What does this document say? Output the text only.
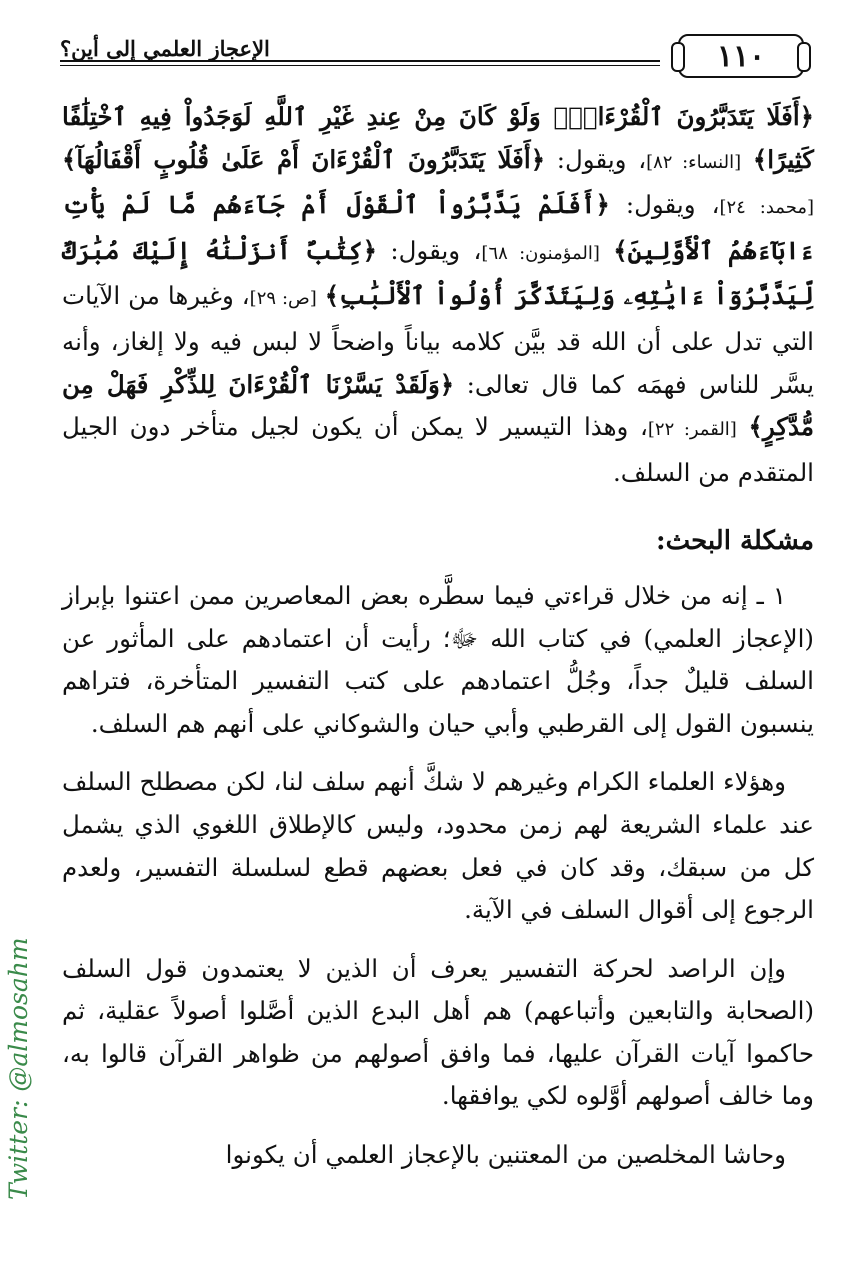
الإعجاز العلمي إلى أين؟	١١٠

﴿أَفَلَا يَتَدَبَّرُونَ ٱلْقُرْءَانَۚ وَلَوْ كَانَ مِنْ عِندِ غَيْرِ ٱللَّهِ لَوَجَدُواْ فِيهِ ٱخْتِلَٰفًا كَثِيرًا﴾ [النساء: ٨٢]، ويقول: ﴿أَفَلَا يَتَدَبَّرُونَ ٱلْقُرْءَانَ أَمْ عَلَىٰ قُلُوبٍ أَقْفَالُهَآ﴾ [محمد: ٢٤]، ويقول: ﴿أَفَلَمْ يَدَّبَّرُواْ ٱلْقَوْلَ أَمْ جَآءَهُم مَّا لَمْ يَأْتِ ءَابَآءَهُمُ ٱلْأَوَّلِينَ﴾ [المؤمنون: ٦٨]، ويقول: ﴿كِتَٰبٌ أَنزَلْنَٰهُ إِلَيْكَ مُبَٰرَكٌ لِّيَدَّبَّرُوٓاْ ءَايَٰتِهِۦ وَلِيَتَذَكَّرَ أُوْلُواْ ٱلْأَلْبَٰبِ﴾ [ص: ٢٩]، وغيرها من الآيات التي تدل على أن الله قد بيَّن كلامه بياناً واضحاً لا لبس فيه ولا إلغاز، وأنه يسَّر للناس فهمَه كما قال تعالى: ﴿وَلَقَدْ يَسَّرْنَا ٱلْقُرْءَانَ لِلذِّكْرِ فَهَلْ مِن مُّدَّكِرٍ﴾ [القمر: ٢٢]، وهذا التيسير لا يمكن أن يكون لجيل متأخر دون الجيل المتقدم من السلف.

مشكلة البحث:

١ ـ إنه من خلال قراءتي فيما سطَّره بعض المعاصرين ممن اعتنوا بإبراز (الإعجاز العلمي) في كتاب الله ﷻ؛ رأيت أن اعتمادهم على المأثور عن السلف قليلٌ جداً، وجُلُّ اعتمادهم على كتب التفسير المتأخرة، فتراهم ينسبون القول إلى القرطبي وأبي حيان والشوكاني على أنهم هم السلف.

وهؤلاء العلماء الكرام وغيرهم لا شكَّ أنهم سلف لنا، لكن مصطلح السلف عند علماء الشريعة لهم زمن محدود، وليس كالإطلاق اللغوي الذي يشمل كل من سبقك، وقد كان في فعل بعضهم قطع لسلسلة التفسير، ولعدم الرجوع إلى أقوال السلف في الآية.

وإن الراصد لحركة التفسير يعرف أن الذين لا يعتمدون قول السلف (الصحابة والتابعين وأتباعهم) هم أهل البدع الذين أصَّلوا أصولاً عقلية، ثم حاكموا آيات القرآن عليها، فما وافق أصولهم من ظواهر القرآن قالوا به، وما خالف أصولهم أوَّلوه لكي يوافقها.

وحاشا المخلصين من المعتنين بالإعجاز العلمي أن يكونوا

Twitter: @almosahm
